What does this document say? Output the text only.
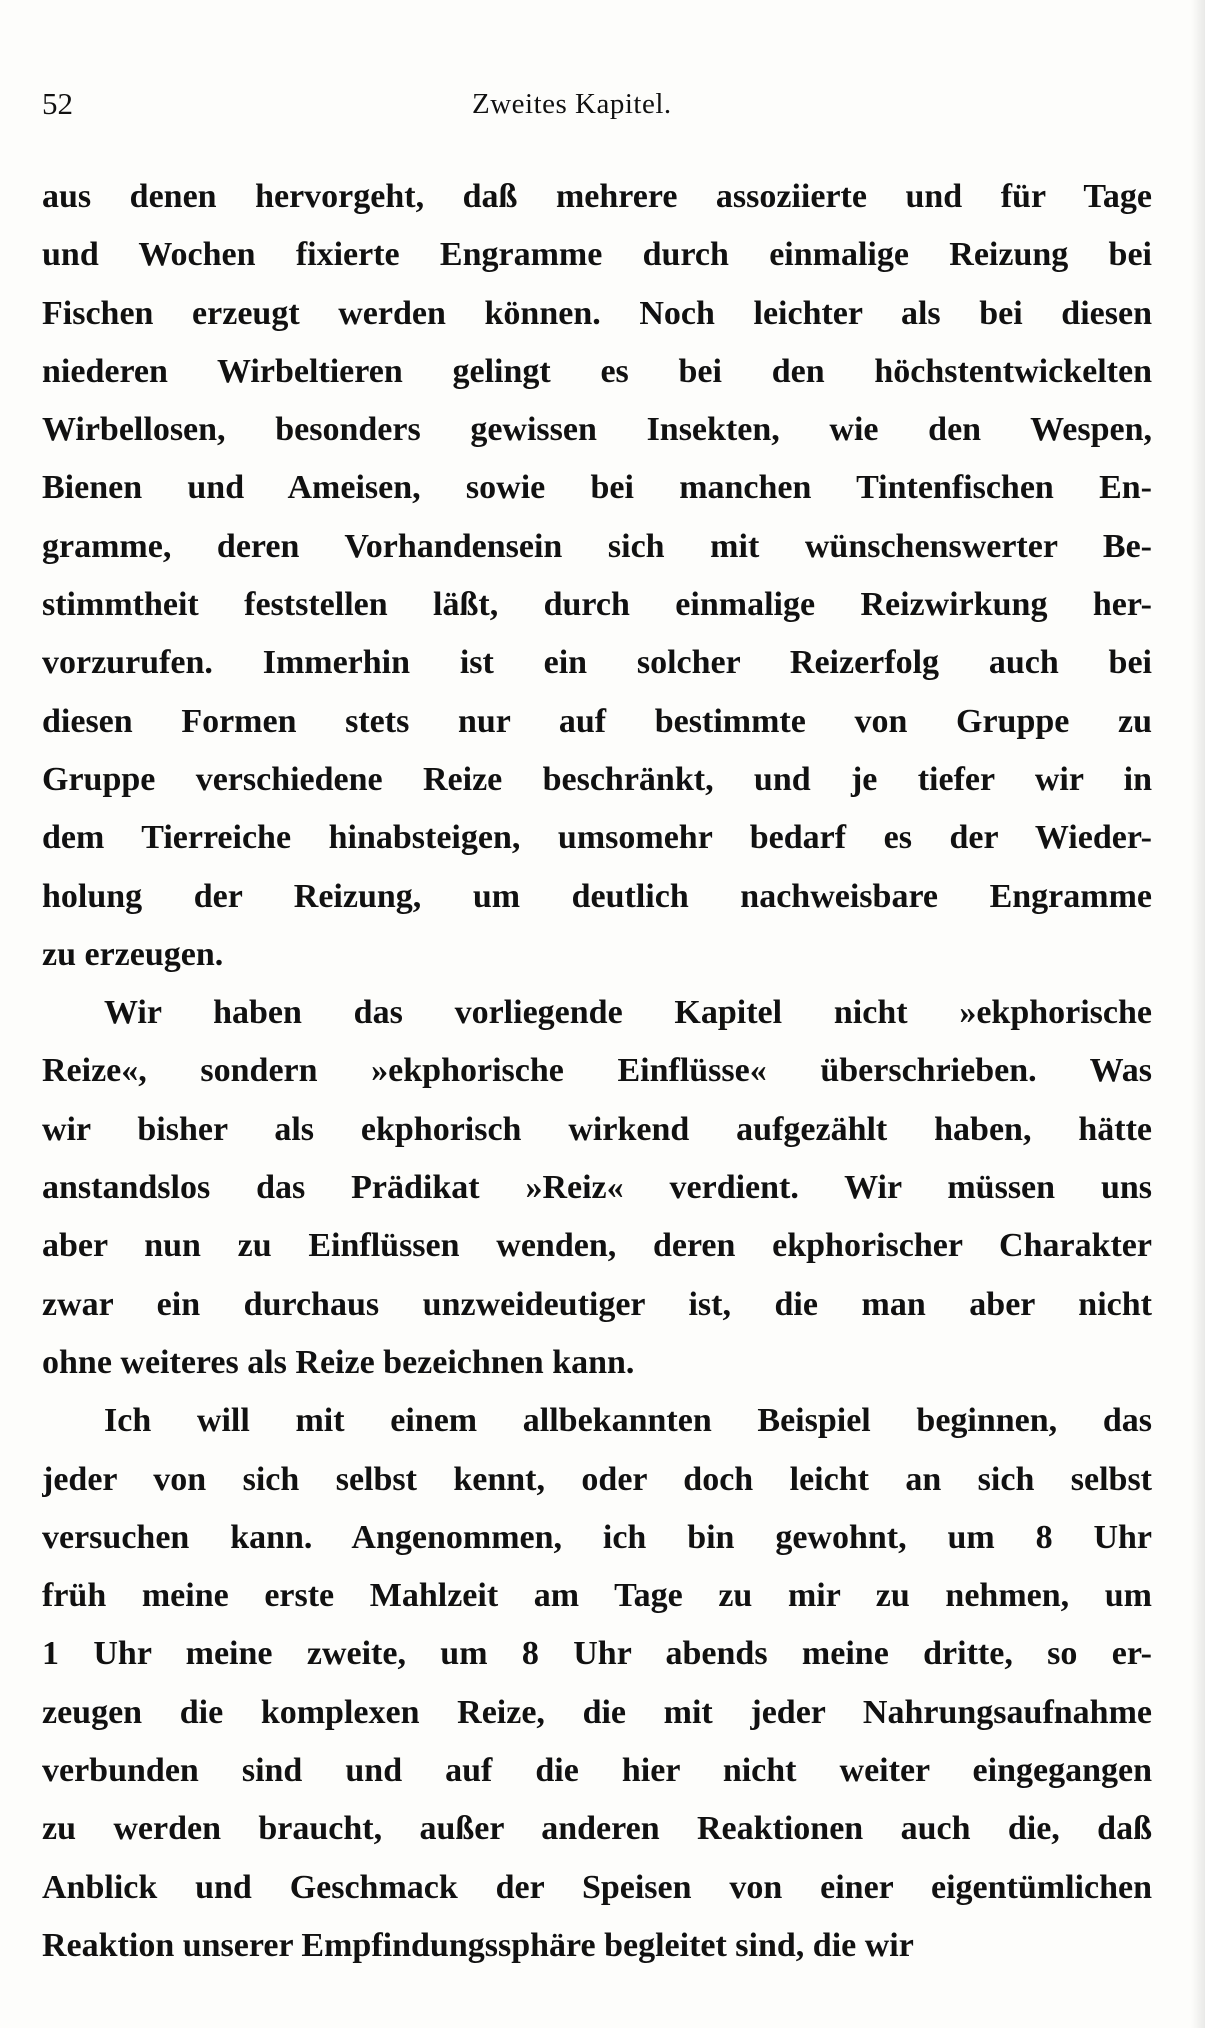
52	Zweites Kapitel.
aus denen hervorgeht, daß mehrere assoziierte und für Tage
und Wochen fixierte Engramme durch einmalige Reizung bei
Fischen erzeugt werden können. Noch leichter als bei diesen
niederen Wirbeltieren gelingt es bei den höchstentwickelten
Wirbellosen, besonders gewissen Insekten, wie den Wespen,
Bienen und Ameisen, sowie bei manchen Tintenfischen En-
gramme, deren Vorhandensein sich mit wünschenswerter Be-
stimmtheit feststellen läßt, durch einmalige Reizwirkung her-
vorzurufen. Immerhin ist ein solcher Reizerfolg auch bei
diesen Formen stets nur auf bestimmte von Gruppe zu
Gruppe verschiedene Reize beschränkt, und je tiefer wir in
dem Tierreiche hinabsteigen, umsomehr bedarf es der Wieder-
holung der Reizung, um deutlich nachweisbare Engramme
zu erzeugen.
Wir haben das vorliegende Kapitel nicht »ekphorische
Reize«, sondern »ekphorische Einflüsse« überschrieben. Was
wir bisher als ekphorisch wirkend aufgezählt haben, hätte
anstandslos das Prädikat »Reiz« verdient. Wir müssen uns
aber nun zu Einflüssen wenden, deren ekphorischer Charakter
zwar ein durchaus unzweideutiger ist, die man aber nicht
ohne weiteres als Reize bezeichnen kann.
Ich will mit einem allbekannten Beispiel beginnen, das
jeder von sich selbst kennt, oder doch leicht an sich selbst
versuchen kann. Angenommen, ich bin gewohnt, um 8 Uhr
früh meine erste Mahlzeit am Tage zu mir zu nehmen, um
1 Uhr meine zweite, um 8 Uhr abends meine dritte, so er-
zeugen die komplexen Reize, die mit jeder Nahrungsaufnahme
verbunden sind und auf die hier nicht weiter eingegangen
zu werden braucht, außer anderen Reaktionen auch die, daß
Anblick und Geschmack der Speisen von einer eigentümlichen
Reaktion unserer Empfindungssphäre begleitet sind, die wir
